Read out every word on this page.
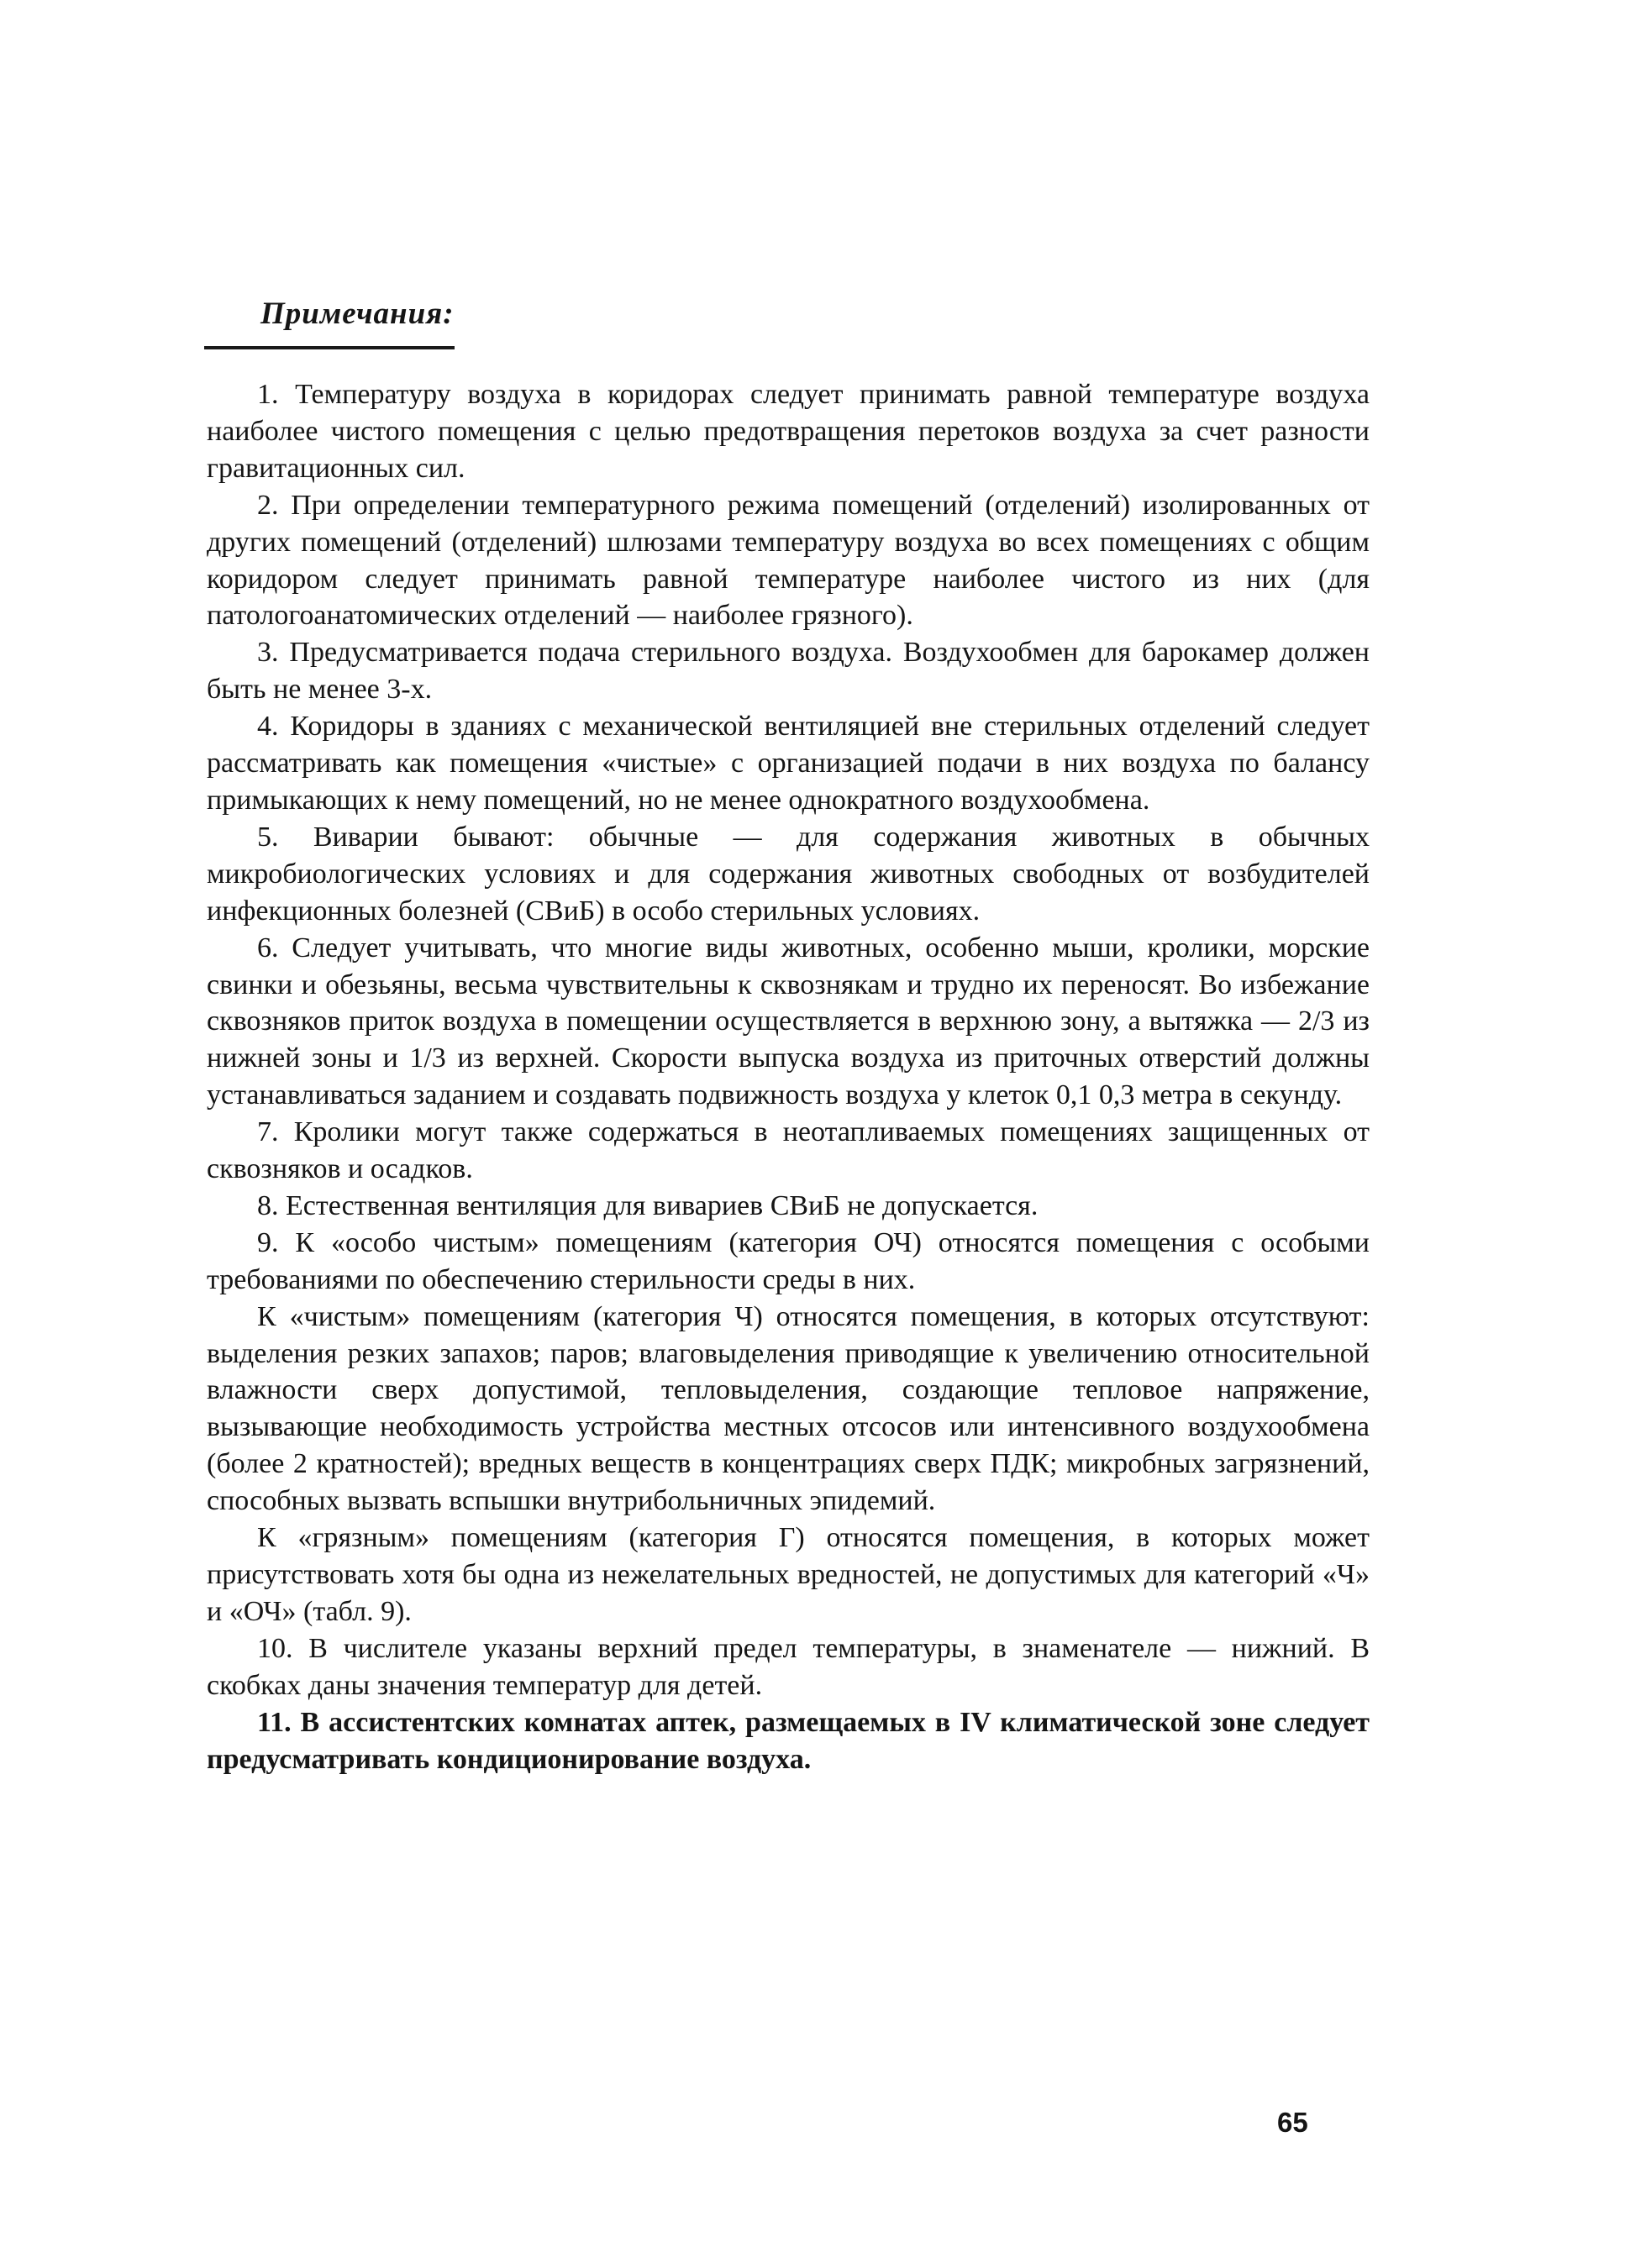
Примечания:

1. Температуру воздуха в коридорах следует принимать равной температуре воздуха наиболее чистого помещения с целью предотвращения перетоков воздуха за счет разности гравитационных сил.

2. При определении температурного режима помещений (отделений) изолированных от других помещений (отделений) шлюзами температуру воздуха во всех помещениях с общим коридором следует принимать равной температуре наиболее чистого из них (для патологоанатомических отделений — наиболее грязного).

3. Предусматривается подача стерильного воздуха. Воздухообмен для барокамер должен быть не менее 3-х.

4. Коридоры в зданиях с механической вентиляцией вне стерильных отделений следует рассматривать как помещения «чистые» с организацией подачи в них воздуха по балансу примыкающих к нему помещений, но не менее однократного воздухообмена.

5. Виварии бывают: обычные — для содержания животных в обычных микробиологических условиях и для содержания животных свободных от возбудителей инфекционных болезней (СВиБ) в особо стерильных условиях.

6. Следует учитывать, что многие виды животных, особенно мыши, кролики, морские свинки и обезьяны, весьма чувствительны к сквознякам и трудно их переносят. Во избежание сквозняков приток воздуха в помещении осуществляется в верхнюю зону, а вытяжка — 2/3 из нижней зоны и 1/3 из верхней. Скорости выпуска воздуха из приточных отверстий должны устанавливаться заданием и создавать подвижность воздуха у клеток 0,1 0,3 метра в секунду.

7. Кролики могут также содержаться в неотапливаемых помещениях защищенных от сквозняков и осадков.

8. Естественная вентиляция для вивариев СВиБ не допускается.

9. К «особо чистым» помещениям (категория ОЧ) относятся помещения с особыми требованиями по обеспечению стерильности среды в них.

К «чистым» помещениям (категория Ч) относятся помещения, в которых отсутствуют: выделения резких запахов; паров; влаговыделения приводящие к увеличению относительной влажности сверх допустимой, тепловыделения, создающие тепловое напряжение, вызывающие необходимость устройства местных отсосов или интенсивного воздухообмена (более 2 кратностей); вредных веществ в концентрациях сверх ПДК; микробных загрязнений, способных вызвать вспышки внутрибольничных эпидемий.

К «грязным» помещениям (категория Г) относятся помещения, в которых может присутствовать хотя бы одна из нежелательных вредностей, не допустимых для категорий «Ч» и «ОЧ» (табл. 9).

10. В числителе указаны верхний предел температуры, в знаменателе — нижний. В скобках даны значения температур для детей.

11. В ассистентских комнатах аптек, размещаемых в IV климатической зоне следует предусматривать кондиционирование воздуха.

65
